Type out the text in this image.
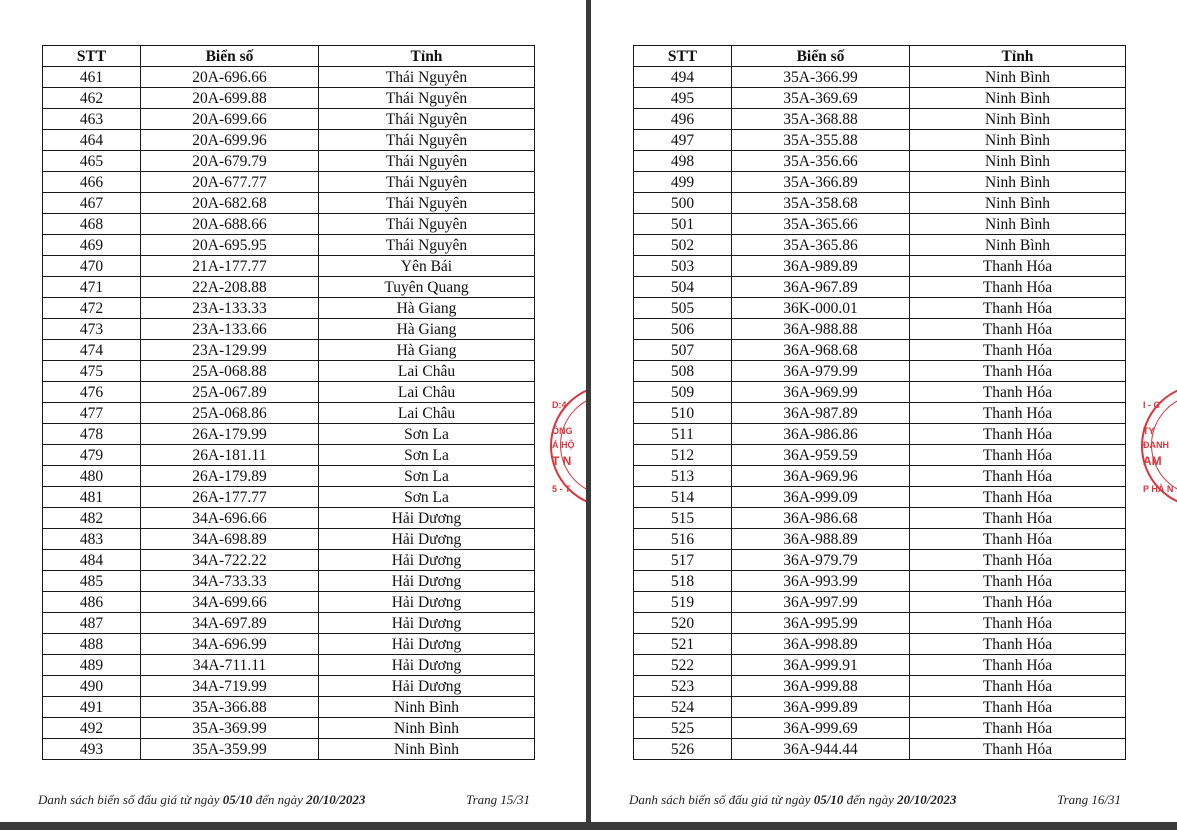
STT	Biển số	Tỉnh
461	20A-696.66	Thái Nguyên
462	20A-699.88	Thái Nguyên
463	20A-699.66	Thái Nguyên
464	20A-699.96	Thái Nguyên
465	20A-679.79	Thái Nguyên
466	20A-677.77	Thái Nguyên
467	20A-682.68	Thái Nguyên
468	20A-688.66	Thái Nguyên
469	20A-695.95	Thái Nguyên
470	21A-177.77	Yên Bái
471	22A-208.88	Tuyên Quang
472	23A-133.33	Hà Giang
473	23A-133.66	Hà Giang
474	23A-129.99	Hà Giang
475	25A-068.88	Lai Châu
476	25A-067.89	Lai Châu
477	25A-068.86	Lai Châu
478	26A-179.99	Sơn La
479	26A-181.11	Sơn La
480	26A-179.89	Sơn La
481	26A-177.77	Sơn La
482	34A-696.66	Hải Dương
483	34A-698.89	Hải Dương
484	34A-722.22	Hải Dương
485	34A-733.33	Hải Dương
486	34A-699.66	Hải Dương
487	34A-697.89	Hải Dương
488	34A-696.99	Hải Dương
489	34A-711.11	Hải Dương
490	34A-719.99	Hải Dương
491	35A-366.88	Ninh Bình
492	35A-369.99	Ninh Bình
493	35A-359.99	Ninh Bình
Danh sách biển số đấu giá từ ngày 05/10 đến ngày 20/10/2023	Trang 15/31
D:4
ÔNG
Á HỘ
T N
5 - T
STT	Biển số	Tỉnh
494	35A-366.99	Ninh Bình
495	35A-369.69	Ninh Bình
496	35A-368.88	Ninh Bình
497	35A-355.88	Ninh Bình
498	35A-356.66	Ninh Bình
499	35A-366.89	Ninh Bình
500	35A-358.68	Ninh Bình
501	35A-365.66	Ninh Bình
502	35A-365.86	Ninh Bình
503	36A-989.89	Thanh Hóa
504	36A-967.89	Thanh Hóa
505	36K-000.01	Thanh Hóa
506	36A-988.88	Thanh Hóa
507	36A-968.68	Thanh Hóa
508	36A-979.99	Thanh Hóa
509	36A-969.99	Thanh Hóa
510	36A-987.89	Thanh Hóa
511	36A-986.86	Thanh Hóa
512	36A-959.59	Thanh Hóa
513	36A-969.96	Thanh Hóa
514	36A-999.09	Thanh Hóa
515	36A-986.68	Thanh Hóa
516	36A-988.89	Thanh Hóa
517	36A-979.79	Thanh Hóa
518	36A-993.99	Thanh Hóa
519	36A-997.99	Thanh Hóa
520	36A-995.99	Thanh Hóa
521	36A-998.89	Thanh Hóa
522	36A-999.91	Thanh Hóa
523	36A-999.88	Thanh Hóa
524	36A-999.89	Thanh Hóa
525	36A-999.69	Thanh Hóa
526	36A-944.44	Thanh Hóa
Danh sách biển số đấu giá từ ngày 05/10 đến ngày 20/10/2023	Trang 16/31
I - C
TY
ĐANH
AM
P HÀ N
